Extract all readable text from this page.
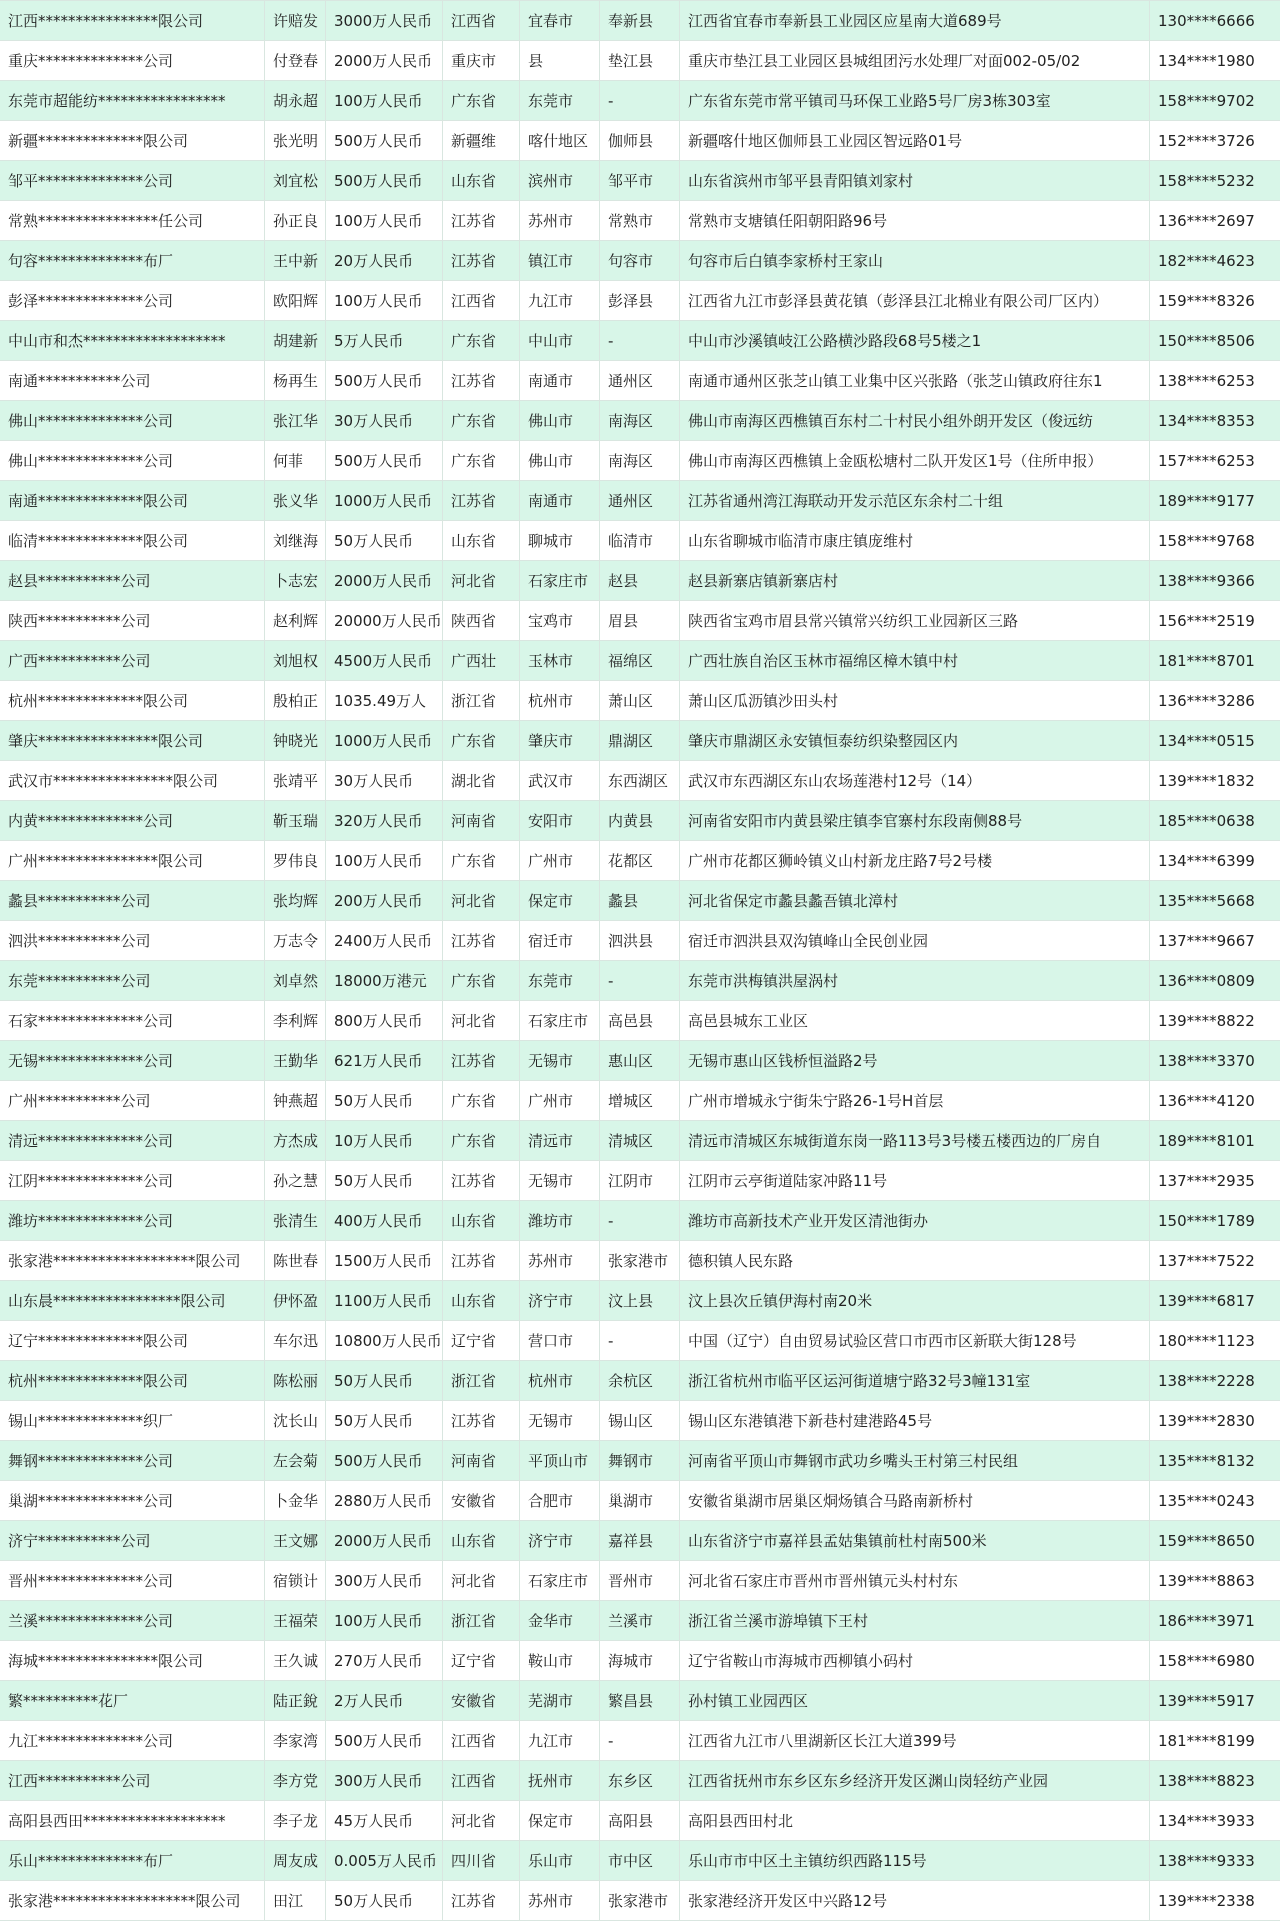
江西****************限公司	许赔发	3000万人民币	江西省	宜春市	奉新县	江西省宜春市奉新县工业园区应星南大道689号	130****6666
重庆**************公司	付登春	2000万人民币	重庆市	县	垫江县	重庆市垫江县工业园区县城组团污水处理厂对面002-05/02	134****1980
东莞市超能纺*****************	胡永超	100万人民币	广东省	东莞市	-	广东省东莞市常平镇司马环保工业路5号厂房3栋303室	158****9702
新疆**************限公司	张光明	500万人民币	新疆维	喀什地区	伽师县	新疆喀什地区伽师县工业园区智远路01号	152****3726
邹平**************公司	刘宜松	500万人民币	山东省	滨州市	邹平市	山东省滨州市邹平县青阳镇刘家村	158****5232
常熟****************任公司	孙正良	100万人民币	江苏省	苏州市	常熟市	常熟市支塘镇任阳朝阳路96号	136****2697
句容**************布厂	王中新	20万人民币	江苏省	镇江市	句容市	句容市后白镇李家桥村王家山	182****4623
彭泽**************公司	欧阳辉	100万人民币	江西省	九江市	彭泽县	江西省九江市彭泽县黄花镇（彭泽县江北棉业有限公司厂区内）	159****8326
中山市和杰*******************	胡建新	5万人民币	广东省	中山市	-	中山市沙溪镇岐江公路横沙路段68号5楼之1	150****8506
南通***********公司	杨再生	500万人民币	江苏省	南通市	通州区	南通市通州区张芝山镇工业集中区兴张路（张芝山镇政府往东1	138****6253
佛山**************公司	张江华	30万人民币	广东省	佛山市	南海区	佛山市南海区西樵镇百东村二十村民小组外朗开发区（俊远纺	134****8353
佛山**************公司	何菲	500万人民币	广东省	佛山市	南海区	佛山市南海区西樵镇上金瓯松塘村二队开发区1号（住所申报）	157****6253
南通**************限公司	张义华	1000万人民币	江苏省	南通市	通州区	江苏省通州湾江海联动开发示范区东余村二十组	189****9177
临清**************限公司	刘继海	50万人民币	山东省	聊城市	临清市	山东省聊城市临清市康庄镇庞维村	158****9768
赵县***********公司	卜志宏	2000万人民币	河北省	石家庄市	赵县	赵县新寨店镇新寨店村	138****9366
陕西***********公司	赵利辉	20000万人民币 陕西省	宝鸡市	眉县	陕西省宝鸡市眉县常兴镇常兴纺织工业园新区三路	156****2519
广西***********公司	刘旭权	4500万人民币	广西壮	玉林市	福绵区	广西壮族自治区玉林市福绵区樟木镇中村	181****8701
杭州**************限公司	殷柏正	1035.49万人	浙江省	杭州市	萧山区	萧山区瓜沥镇沙田头村	136****3286
肇庆****************限公司	钟晓光	1000万人民币	广东省	肇庆市	鼎湖区	肇庆市鼎湖区永安镇恒泰纺织染整园区内	134****0515
武汉市****************限公司	张靖平	30万人民币	湖北省	武汉市	东西湖区	武汉市东西湖区东山农场莲港村12号（14）	139****1832
内黄**************公司	靳玉瑞	320万人民币	河南省	安阳市	内黄县	河南省安阳市内黄县梁庄镇李官寨村东段南侧88号	185****0638
广州****************限公司	罗伟良	100万人民币	广东省	广州市	花都区	广州市花都区狮岭镇义山村新龙庄路7号2号楼	134****6399
蠡县***********公司	张均辉	200万人民币	河北省	保定市	蠡县	河北省保定市蠡县蠡吾镇北漳村	135****5668
泗洪***********公司	万志令	2400万人民币	江苏省	宿迁市	泗洪县	宿迁市泗洪县双沟镇峰山全民创业园	137****9667
东莞***********公司	刘卓然	18000万港元	广东省	东莞市	-	东莞市洪梅镇洪屋涡村	136****0809
石家**************公司	李利辉	800万人民币	河北省	石家庄市	高邑县	高邑县城东工业区	139****8822
无锡**************公司	王勤华	621万人民币	江苏省	无锡市	惠山区	无锡市惠山区钱桥恒溢路2号	138****3370
广州***********公司	钟燕超	50万人民币	广东省	广州市	增城区	广州市增城永宁街朱宁路26-1号H首层	136****4120
清远**************公司	方杰成	10万人民币	广东省	清远市	清城区	清远市清城区东城街道东岗一路113号3号楼五楼西边的厂房自	189****8101
江阴**************公司	孙之慧	50万人民币	江苏省	无锡市	江阴市	江阴市云亭街道陆家冲路11号	137****2935
潍坊**************公司	张清生	400万人民币	山东省	潍坊市	-	潍坊市高新技术产业开发区清池街办	150****1789
张家港*******************限公司	陈世春	1500万人民币	江苏省	苏州市	张家港市	德积镇人民东路	137****7522
山东晨*****************限公司	伊怀盈	1100万人民币	山东省	济宁市	汶上县	汶上县次丘镇伊海村南20米	139****6817
辽宁**************限公司	车尔迅	10800万人民币 辽宁省	营口市	-	中国（辽宁）自由贸易试验区营口市西市区新联大街128号	180****1123
杭州**************限公司	陈松丽	50万人民币	浙江省	杭州市	余杭区	浙江省杭州市临平区运河街道塘宁路32号3幢131室	138****2228
锡山**************织厂	沈长山	50万人民币	江苏省	无锡市	锡山区	锡山区东港镇港下新巷村建港路45号	139****2830
舞钢**************公司	左会菊	500万人民币	河南省	平顶山市	舞钢市	河南省平顶山市舞钢市武功乡嘴头王村第三村民组	135****8132
巢湖**************公司	卜金华	2880万人民币	安徽省	合肥市	巢湖市	安徽省巢湖市居巢区烔炀镇合马路南新桥村	135****0243
济宁***********公司	王文娜	2000万人民币	山东省	济宁市	嘉祥县	山东省济宁市嘉祥县孟姑集镇前杜村南500米	159****8650
晋州**************公司	宿锁计	300万人民币	河北省	石家庄市	晋州市	河北省石家庄市晋州市晋州镇元头村村东	139****8863
兰溪**************公司	王福荣	100万人民币	浙江省	金华市	兰溪市	浙江省兰溪市游埠镇下王村	186****3971
海城****************限公司	王久诚	270万人民币	辽宁省	鞍山市	海城市	辽宁省鞍山市海城市西柳镇小码村	158****6980
繁**********花厂	陆正銳	2万人民币	安徽省	芜湖市	繁昌县	孙村镇工业园西区	139****5917
九江**************公司	李家湾	500万人民币	江西省	九江市	-	江西省九江市八里湖新区长江大道399号	181****8199
江西***********公司	李方党	300万人民币	江西省	抚州市	东乡区	江西省抚州市东乡区东乡经济开发区渊山岗轻纺产业园	138****8823
高阳县西田*******************	李子龙	45万人民币	河北省	保定市	高阳县	高阳县西田村北	134****3933
乐山**************布厂	周友成	0.005万人民币 四川省	乐山市	市中区	乐山市市中区土主镇纺织西路115号	138****9333
张家港*******************限公司	田江	50万人民币	江苏省	苏州市	张家港市	张家港经济开发区中兴路12号	139****2338
